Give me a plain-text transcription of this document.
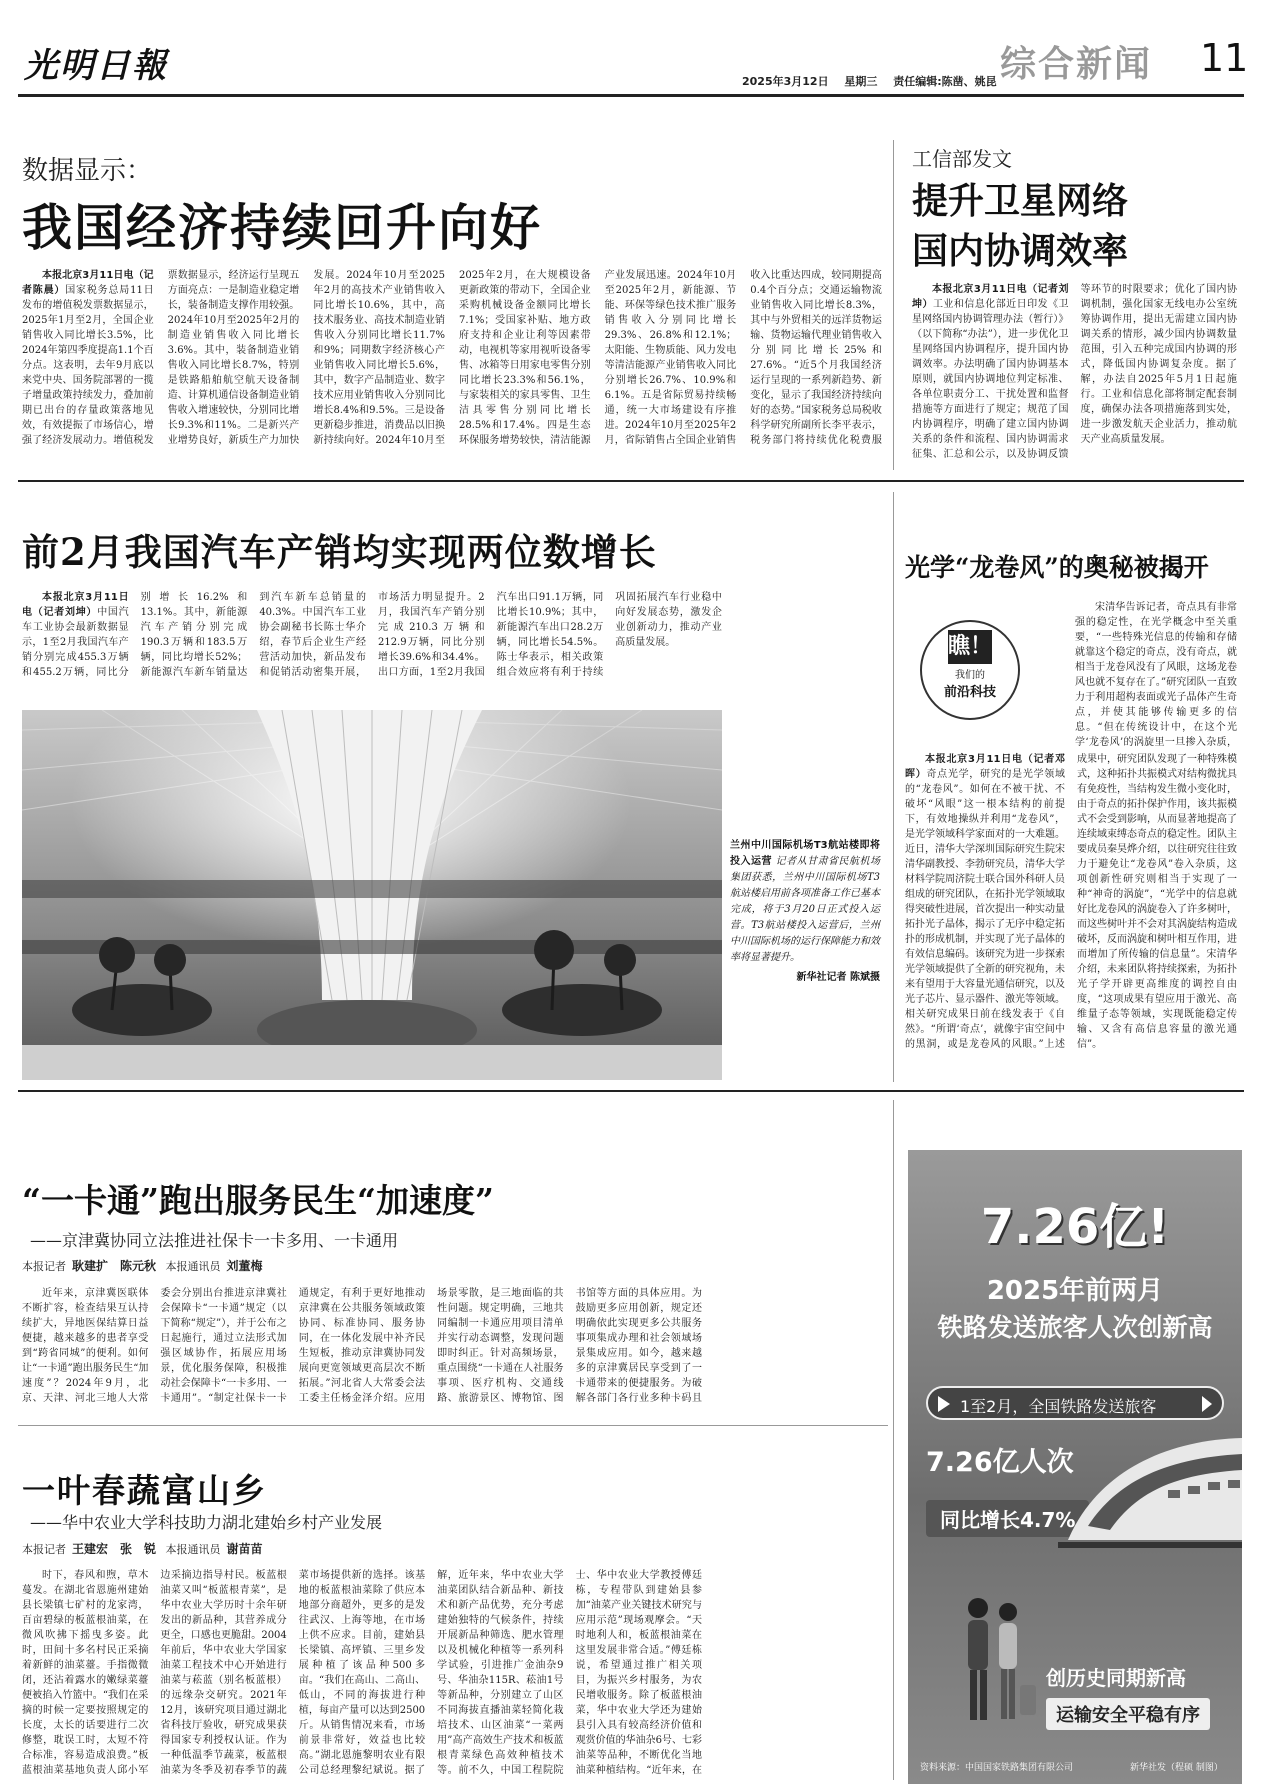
光明日報	2025年3月12日 星期三 责任编辑:陈凿、姚昆 综合新闻 11
数据显示：
我国经济持续回升向好

本报北京3月11日电（记者陈晨）国家税务总局11日发布的增值税发票数据显示，2025年1月至2月，全国企业销售收入同比增长3.5%，比2024年第四季度提高1.1个百分点。这表明，去年9月底以来党中央、国务院部署的一揽子增量政策持续发力，叠加前期已出台的存量政策落地见效，有效提振了市场信心，增强了经济发展动力。增值税发票数据显示，经济运行呈现五方面亮点：一是制造业稳定增长，装备制造支撑作用较强。2024年10月至2025年2月的制造业销售收入同比增长3.6%。其中，装备制造业销售收入同比增长8.7%，特别是铁路船舶航空航天设备制造、计算机通信设备制造业销售收入增速较快，分别同比增长9.3%和11%。二是新兴产业增势良好，新质生产力加快发展。2024年10月至2025年2月的高技术产业销售收入同比增长10.6%，其中，高技术服务业、高技术制造业销售收入分别同比增长11.7%和9%；同期数字经济核心产业销售收入同比增长5.6%，其中，数字产品制造业、数字技术应用业销售收入分别同比增长8.4%和9.5%。三是设备更新稳步推进，消费品以旧换新持续向好。2024年10月至2025年2月，在大规模设备更新政策的带动下，全国企业采购机械设备金额同比增长7.1%；受国家补贴、地方政府支持和企业让利等因素带动，电视机等家用视听设备零售、冰箱等日用家电零售分别同比增长23.3%和56.1%，与家装相关的家具零售、卫生洁具零售分别同比增长28.5%和17.4%。四是生态环保服务增势较快，清洁能源产业发展迅速。2024年10月至2025年2月，新能源、节能、环保等绿色技术推广服务销售收入分别同比增长29.3%、26.8%和12.1%；太阳能、生物质能、风力发电等清洁能源产业销售收入同比分别增长26.7%、10.9%和6.1%。五是省际贸易持续畅通，统一大市场建设有序推进。2024年10月至2025年2月，省际销售占全国企业销售收入比重达四成，较同期提高0.4个百分点；交通运输物流业销售收入同比增长8.3%，其中与外贸相关的远洋货物运输、货物运输代理业销售收入分别同比增长25%和27.6%。“近5个月我国经济运行呈现的一系列新趋势、新变化，显示了我国经济持续向好的态势。”国家税务总局税收科学研究所副所长李平表示，税务部门将持续优化税费服

工信部发文
提升卫星网络
国内协调效率

本报北京3月11日电（记者刘坤）工业和信息化部近日印发《卫星网络国内协调管理办法（暂行）》（以下简称“办法”），进一步优化卫星网络国内协调程序，提升国内协调效率。办法明确了国内协调基本原则，就国内协调地位判定标准、各单位职责分工、干扰处置和监督措施等方面进行了规定；规范了国内协调程序，明确了建立国内协调关系的条件和流程、国内协调需求征集、汇总和公示，以及协调反馈等环节的时限要求；优化了国内协调机制，强化国家无线电办公室统筹协调作用，提出无需建立国内协调关系的情形，减少国内协调数量范围，引入五种完成国内协调的形式，降低国内协调复杂度。据了解，办法自2025年5月1日起施行。工业和信息化部将制定配套制度，确保办法各项措施落到实处，进一步激发航天企业活力，推动航天产业高质量发展。

前2月我国汽车产销均实现两位数增长

本报北京3月11日电（记者刘坤）中国汽车工业协会最新数据显示，1至2月我国汽车产销分别完成455.3万辆和455.2万辆，同比分别增长16.2%和13.1%。其中，新能源汽车产销分别完成190.3万辆和183.5万辆，同比均增长52%；新能源汽车新车销量达到汽车新车总销量的40.3%。中国汽车工业协会副秘书长陈士华介绍，春节后企业生产经营活动加快，新品发布和促销活动密集开展，市场活力明显提升。2月，我国汽车产销分别完成210.3万辆和212.9万辆，同比分别增长39.6%和34.4%。出口方面，1至2月我国汽车出口91.1万辆，同比增长10.9%；其中，新能源汽车出口28.2万辆，同比增长54.5%。陈士华表示，相关政策组合效应将有利于持续巩固拓展汽车行业稳中向好发展态势，激发企业创新动力，推动产业高质量发展。

兰州中川国际机场T3航站楼即将投入运营 记者从甘肃省民航机场集团获悉，兰州中川国际机场T3航站楼启用前各项准备工作已基本完成，将于3月20日正式投入运营。T3航站楼投入运营后，兰州中川国际机场的运行保障能力和效率将显著提升。
新华社记者 陈斌摄
光学“龙卷风”的奥秘被揭开
瞧！
我们的
前沿科技

宋清华告诉记者，奇点具有非常强的稳定性，在光学概念中至关重要，“一些特殊光信息的传输和存储就靠这个稳定的奇点，没有奇点，就相当于龙卷风没有了风眼，这场龙卷风也就不复存在了。”研究团队一直致力于利用超构表面或光子晶体产生奇点，并使其能够传输更多的信息。“但在传统设计中，在这个光学‘龙卷风’的涡旋里一旦掺入杂质，

本报北京3月11日电（记者邓晖）奇点光学，研究的是光学领域的“龙卷风”。如何在不被干扰、不破坏“风眼”这一根本结构的前提下，有效地操纵并利用“龙卷风”，是光学领域科学家面对的一大难题。近日，清华大学深圳国际研究生院宋清华副教授、李勃研究员，清华大学材料学院周济院士联合国外科研人员组成的研究团队，在拓扑光学领域取得突破性进展，首次提出一种实动量拓扑光子晶体，揭示了无序中稳定拓扑的形成机制，并实现了光子晶体的有效信息编码。该研究为进一步探索光学领域提供了全新的研究视角，未来有望用于大容量光通信研究，以及光子芯片、显示器件、激光等领域。相关研究成果日前在线发表于《自然》。“所谓‘奇点’，就像宇宙空间中的黑洞，或是龙卷风的风眼。”上述成果中，研究团队发现了一种特殊模式，这种拓扑共振模式对结构微扰具有免疫性，当结构发生微小变化时，由于奇点的拓扑保护作用，该共振模式不会受到影响，从而显著地提高了连续域束缚态奇点的稳定性。团队主要成员秦昊烨介绍，以往研究往往致力于避免让“龙卷风”卷入杂质，这项创新性研究则相当于实现了一种“神奇的涡旋”，“光学中的信息就好比龙卷风的涡旋卷入了许多树叶，而这些树叶并不会对其涡旋结构造成破坏，反而涡旋和树叶相互作用，进而增加了所传输的信息量”。宋清华介绍，未来团队将持续探索，为拓扑光子学开辟更高维度的调控自由度，“这项成果有望应用于激光、高维量子态等领域，实现既能稳定传输、又含有高信息容量的激光通信”。

“一卡通”跑出服务民生“加速度”
——京津冀协同立法推进社保卡一卡多用、一卡通用
本报记者 耿建扩　陈元秋 本报通讯员 刘董梅

近年来，京津冀医联体不断扩容，检查结果互认持续扩大，异地医保结算日益便捷，越来越多的患者享受到“跨省同城”的便利。如何让“一卡通”跑出服务民生“加速度”？2024年9月，北京、天津、河北三地人大常委会分别出台推进京津冀社会保障卡“一卡通”规定（以下简称“规定”），并于公布之日起施行，通过立法形式加强区域协作，拓展应用场景，优化服务保障，积极推动社会保障卡“一卡多用、一卡通用”。“制定社保卡一卡通规定，有利于更好地推动京津冀在公共服务领域政策协同、标准协同、服务协同，在一体化发展中补齐民生短板，推动京津冀协同发展向更宽领域更高层次不断拓展。”河北省人大常委会法工委主任杨金泽介绍。应用场景零散，是三地面临的共性问题。规定明确，三地共同编制一卡通应用项目清单并实行动态调整，发现问题即时纠正。针对高频场景，重点围绕“一卡通在人社服务事项、医疗机构、交通线路、旅游景区、博物馆、图书馆等方面的具体应用。为鼓励更多应用创新，规定还明确依此实现更多公共服务事项集成办理和社会领域场景集成应用。如今，越来越多的京津冀居民享受到了一卡通带来的便捷服务。为破解各部门各行业多种卡码且

一叶春蔬富山乡
——华中农业大学科技助力湖北建始乡村产业发展
本报记者 王建宏　张　锐 本报通讯员 谢苗苗

时下，春风和煦，草木蔓发。在湖北省恩施州建始县长梁镇七矿村的龙家湾，百亩碧绿的板蓝根油菜，在微风吹拂下摇曳多姿。此时，田间十多名村民正采摘着新鲜的油菜薹。手指微微闭，还沾着露水的嫩绿菜薹便被掐入竹篮中。“我们在采摘的时候一定要按照规定的长度，太长的话要进行二次修整，耽误工时，太短不符合标准，容易造成浪费。”板蓝根油菜基地负责人邱小军边采摘边指导村民。板蓝根油菜又叫“板蓝根青菜”，是华中农业大学历时十余年研发出的新品种，其营养成分更全，口感也更脆甜。2004年前后，华中农业大学国家油菜工程技术中心开始进行油菜与菘蓝（别名板蓝根）的远缘杂交研究。2021年12月，该研究项目通过湖北省科技厅验收，研究成果获得国家专利授权认证。作为一种低温季节蔬菜，板蓝根油菜为冬季及初春季节的蔬菜市场提供新的选择。该基地的板蓝根油菜除了供应本地部分商超外，更多的是发往武汉、上海等地，在市场上供不应求。目前，建始县长梁镇、高坪镇、三里乡发展种植了该品种500多亩。“我们在高山、二高山、低山，不同的海拔进行种植，每亩产量可以达到2500斤。从销售情况来看，市场前景非常好，效益也比较高。”湖北恩施黎明农业有限公司总经理黎纪斌说。据了解，近年来，华中农业大学油菜团队结合新品种、新技术和新产品优势，充分考虑建始独特的气候条件，持续开展新品种筛选、肥水管理以及机械化种植等一系列科学试验，引进推广金油杂9号、华油杂115R、菘油1号等新品种，分别建立了山区不同海拔直播油菜轻简化栽培技术、山区油菜“一菜两用”高产高效生产技术和板蓝根青菜绿色高效种植技术等。前不久，中国工程院院士、华中农业大学教授傅廷栋，专程带队到建始县参加“油菜产业关键技术研究与应用示范”现场观摩会。“天时地利人和，板蓝根油菜在这里发展非常合适。”傅廷栋说，希望通过推广相关项目，为振兴乡村服务，为农民增收服务。除了板蓝根油菜，华中农业大学还为建始县引入具有较高经济价值和观赏价值的华油杂6号、七彩油菜等品种，不断优化当地油菜种植结构。“近年来，在

7.26亿!
2025年前两月
铁路发送旅客人次创新高
1至2月，全国铁路发送旅客
7.26亿人次
同比增长4.7%
创历史同期新高
运输安全平稳有序
资料来源：中国国家铁路集团有限公司	新华社发（程硕 制图）
